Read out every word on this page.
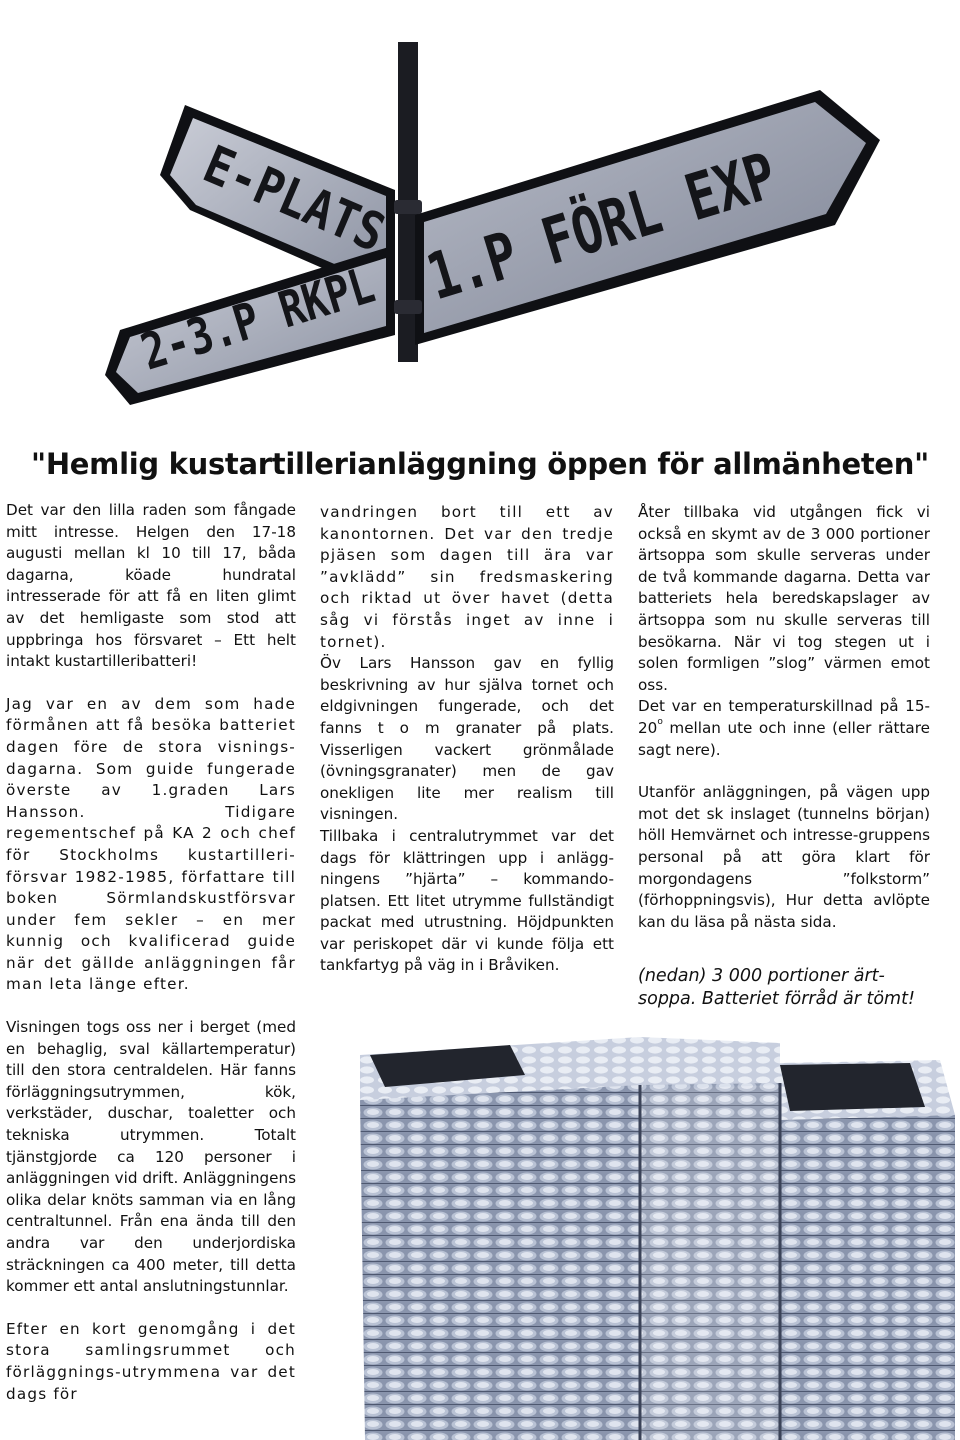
E-PLATS
2-3.P RKPL
1.P FÖRL EXP
"Hemlig kustartillerianläggning öppen för allmänheten"

Det var den lilla raden som fångade mitt intresse. Helgen den 17-18 augusti mellan kl 10 till 17, båda dagarna, köade hundratal intresserade för att få en liten glimt av det hemligaste som stod att uppbringa hos försvaret – Ett helt intakt kustartilleribatteri!

Jag var en av dem som hade förmånen att få besöka batteriet dagen före de stora visnings-dagarna. Som guide fungerade överste av 1.graden Lars Hansson. Tidigare regementschef på KA 2 och chef för Stockholms kustartilleri-försvar 1982-1985, författare till boken Sörmlandskustförsvar under fem sekler – en mer kunnig och kvalificerad guide när det gällde anläggningen får man leta länge efter.

Visningen togs oss ner i berget (med en behaglig, sval källartemperatur) till den stora centraldelen. Här fanns förläggningsutrymmen, kök, verkstäder, duschar, toaletter och tekniska utrymmen. Totalt tjänstgjorde ca 120 personer i anläggningen vid drift. Anläggningens olika delar knöts samman via en lång centraltunnel. Från ena ända till den andra var den underjordiska sträckningen ca 400 meter, till detta kommer ett antal anslutningstunnlar.

Efter en kort genomgång i det stora samlingsrummet och förläggnings-utrymmena var det dags för

vandringen bort till ett av kanontornen. Det var den tredje pjäsen som dagen till ära var ”avklädd” sin fredsmaskering och riktad ut över havet (detta såg vi förstås inget av inne i tornet).

Öv Lars Hansson gav en fyllig beskrivning av hur själva tornet och eldgivningen fungerade, och det fanns t o m granater på plats. Visserligen vackert grönmålade (övningsgranater) men de gav onekligen lite mer realism till visningen.

Tillbaka i centralutrymmet var det dags för klättringen upp i anlägg-ningens ”hjärta” – kommando-platsen. Ett litet utrymme fullständigt packat med utrustning. Höjdpunkten var periskopet där vi kunde följa ett tankfartyg på väg in i Bråviken.

Åter tillbaka vid utgången fick vi också en skymt av de 3 000 portioner ärtsoppa som skulle serveras under de två kommande dagarna. Detta var batteriets hela beredskapslager av ärtsoppa som nu skulle serveras till besökarna. När vi tog stegen ut i solen formligen ”slog” värmen emot oss.

Det var en temperaturskillnad på 15-20$^o$ mellan ute och inne (eller rättare sagt nere).

Utanför anläggningen, på vägen upp mot det sk inslaget (tunnelns början) höll Hemvärnet och intresse-gruppens personal på att göra klart för morgondagens ”folkstorm” (förhoppningsvis), Hur detta avlöpte kan du läsa på nästa sida.

(nedan) 3 000 portioner ärt-soppa. Batteriet förråd är tömt!
